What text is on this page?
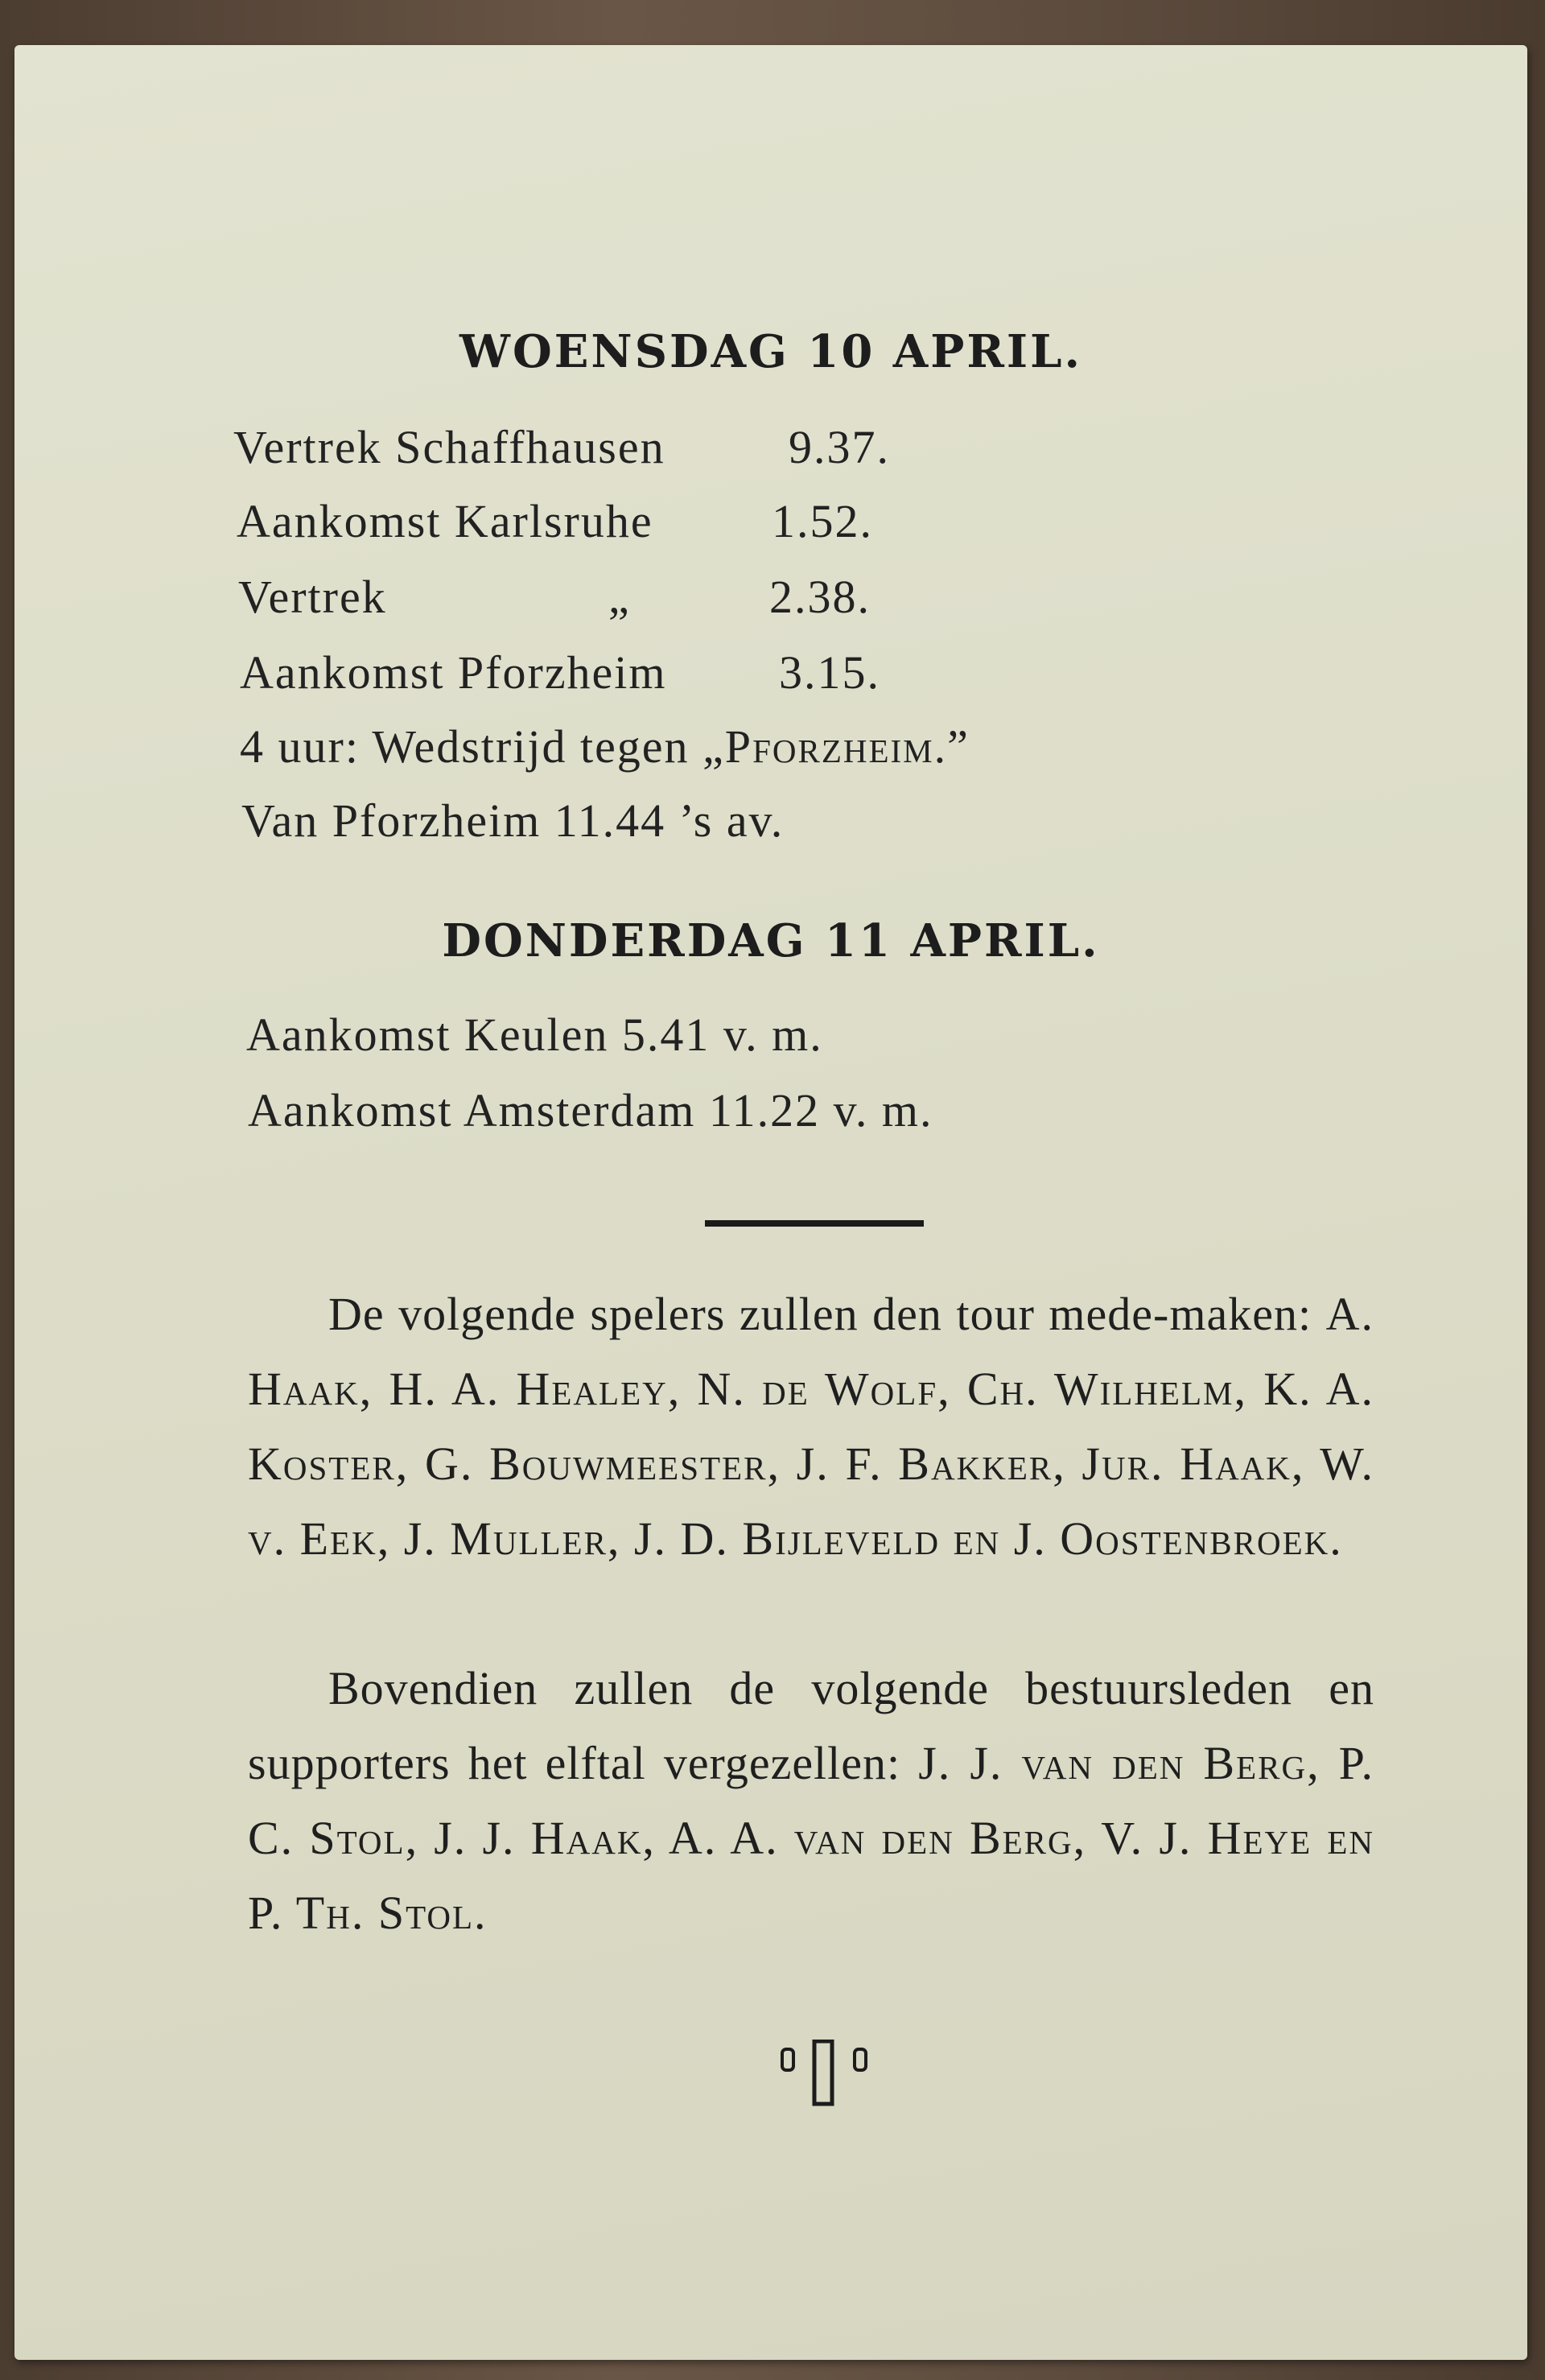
WOENSDAG 10 APRIL.
Vertrek Schaffhausen	9.37.
Aankomst Karlsruhe	1.52.
Vertrek	„	2.38.
Aankomst Pforzheim 3.15.
4 uur: Wedstrijd tegen „Pforzheim.”
Van Pforzheim 11.44 ’s av.
DONDERDAG 11 APRIL.
Aankomst Keulen 5.41 v. m.
Aankomst Amsterdam 11.22 v. m.
De volgende spelers zullen den tour mede-maken: A. Haak, H. A. Healey, N. de Wolf, Ch. Wilhelm, K. A. Koster, G. Bouwmeester, J. F. Bakker, Jur. Haak, W. v. Eek, J. Muller, J. D. Bijleveld en J. Oostenbroek.
Bovendien zullen de volgende bestuursleden en supporters het elftal vergezellen: J. J. van den Berg, P. C. Stol, J. J. Haak, A. A. van den Berg, V. J. Heye en P. Th. Stol.
